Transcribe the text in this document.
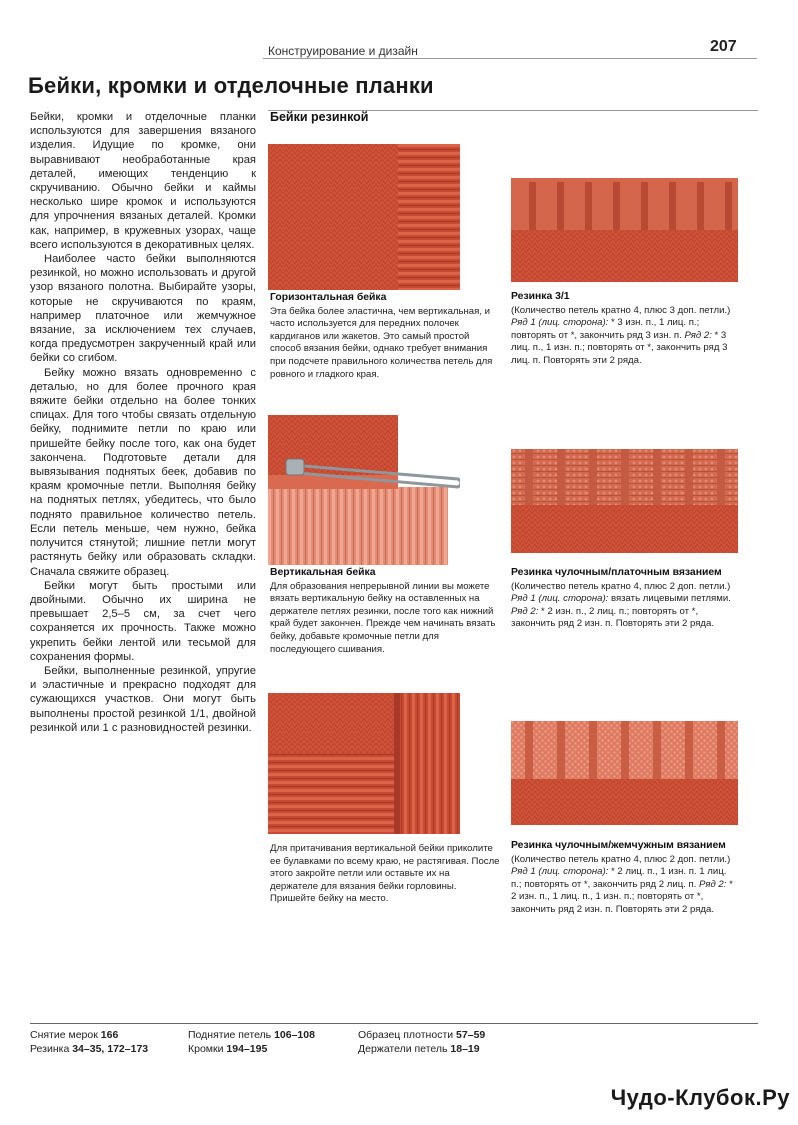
Конструирование и дизайн	207
Бейки, кромки и отделочные планки

Бейки, кромки и отделочные планки используются для завершения вязаного изделия. Идущие по кромке, они выравнивают необработанные края деталей, имеющих тенденцию к скручиванию. Обычно бейки и каймы несколько шире кромок и используются для упрочнения вязаных деталей. Кромки как, например, в кружевных узорах, чаще всего используются в декоративных целях.

Наиболее часто бейки выполняются резинкой, но можно использовать и другой узор вязаного полотна. Выбирайте узоры, которые не скручиваются по краям, например платочное или жемчужное вязание, за исключением тех случаев, когда предусмотрен закрученный край или бейки со сгибом.

Бейку можно вязать одновременно с деталью, но для более прочного края вяжите бейки отдельно на более тонких спицах. Для того чтобы связать отдельную бейку, поднимите петли по краю или пришейте бейку после того, как она будет закончена. Подготовьте детали для вывязывания поднятых беек, добавив по краям кромочные петли. Выполняя бейку на поднятых петлях, убедитесь, что было поднято правильное количество петель. Если петель меньше, чем нужно, бейка получится стянутой; лишние петли могут растянуть бейку или образовать складки. Сначала свяжите образец.

Бейки могут быть простыми или двойными. Обычно их ширина не превышает 2,5–5 см, за счет чего сохраняется их прочность. Также можно укрепить бейки лентой или тесьмой для сохранения формы.

Бейки, выполненные резинкой, упругие и эластичные и прекрасно подходят для сужающихся участков. Они могут быть выполнены простой резинкой 1/1, двойной резинкой или 1 с разновидностей резинки.

Бейки резинкой
Горизонтальная бейка
Эта бейка более эластична, чем вертикальная, и часто используется для передних полочек кардиганов или жакетов. Это самый простой способ вязания бейки, однако требует внимания при подсчете правильного количества петель для ровного и гладкого края.
Резинка 3/1
(Количество петель кратно 4, плюс 3 доп. петли.) Ряд 1 (лиц. сторона): * 3 изн. п., 1 лиц. п.; повторять от *, закончить ряд 3 изн. п. Ряд 2: * 3 лиц. п., 1 изн. п.; повторять от *, закончить ряд 3 лиц. п. Повторять эти 2 ряда.
Вертикальная бейка
Для образования непрерывной линии вы можете вязать вертикальную бейку на оставленных на держателе петлях резинки, после того как нижний край будет закончен. Прежде чем начинать вязать бейку, добавьте кромочные петли для последующего сшивания.
Резинка чулочным/платочным вязанием
(Количество петель кратно 4, плюс 2 доп. петли.) Ряд 1 (лиц. сторона): вязать лицевыми петлями. Ряд 2: * 2 изн. п., 2 лиц. п.; повторять от *, закончить ряд 2 изн. п. Повторять эти 2 ряда.
Для притачивания вертикальной бейки приколите ее булавками по всему краю, не растягивая. После этого закройте петли или оставьте их на держателе для вязания бейки горловины. Пришейте бейку на место.
Резинка чулочным/жемчужным вязанием
(Количество петель кратно 4, плюс 2 доп. петли.) Ряд 1 (лиц. сторона): * 2 лиц. п., 1 изн. п. 1 лиц. п.; повторять от *, закончить ряд 2 лиц. п. Ряд 2: * 2 изн. п., 1 лиц. п., 1 изн. п.; повторять от *, закончить ряд 2 изн. п. Повторять эти 2 ряда.
Снятие мерок 166
Резинка 34–35, 172–173
Поднятие петель 106–108
Кромки 194–195
Образец плотности 57–59
Держатели петель 18–19
Чудо-Клубок.Ру
